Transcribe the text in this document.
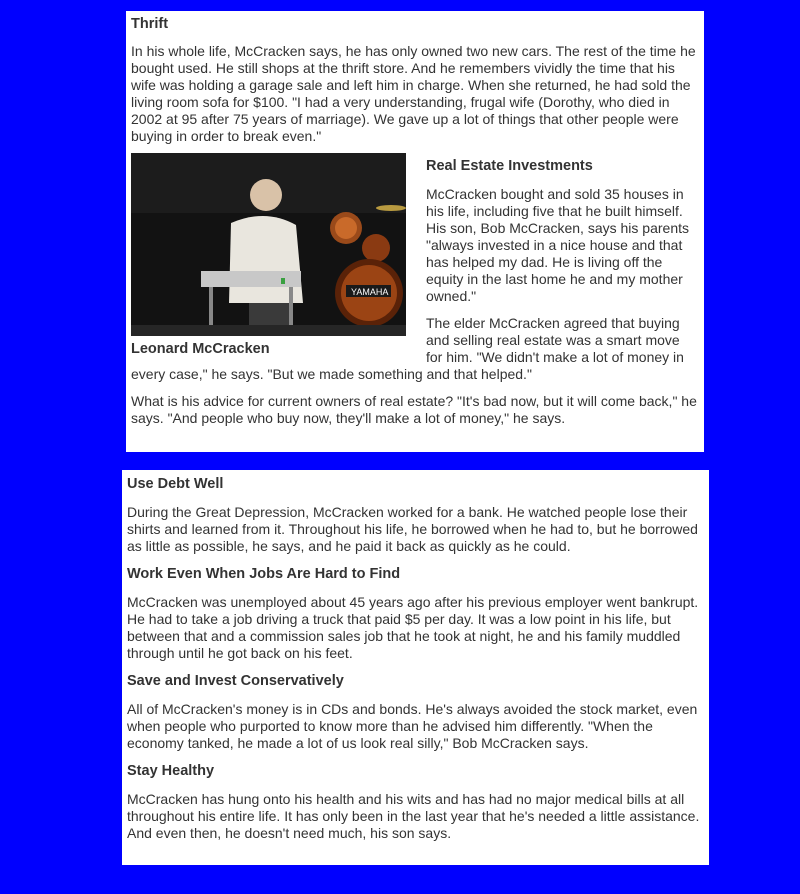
Thrift

In his whole life, McCracken says, he has only owned two new cars. The rest of the time he bought used. He still shops at the thrift store. And he remembers vividly the time that his wife was holding a garage sale and left him in charge. When she returned, he had sold the living room sofa for $100. "I had a very understanding, frugal wife (Dorothy, who died in 2002 at 95 after 75 years of marriage). We gave up a lot of things that other people were buying in order to break even."

YAMAHA
Leonard McCracken
Real Estate Investments

McCracken bought and sold 35 houses in his life, including five that he built himself. His son, Bob McCracken, says his parents "always invested in a nice house and that has helped my dad. He is living off the equity in the last home he and my mother owned."

The elder McCracken agreed that buying and selling real estate was a smart move for him. "We didn't make a lot of money in every case," he says. "But we made something and that helped."

What is his advice for current owners of real estate? "It's bad now, but it will come back," he says. "And people who buy now, they'll make a lot of money," he says.

Use Debt Well

During the Great Depression, McCracken worked for a bank. He watched people lose their shirts and learned from it. Throughout his life, he borrowed when he had to, but he borrowed as little as possible, he says, and he paid it back as quickly as he could.

Work Even When Jobs Are Hard to Find

McCracken was unemployed about 45 years ago after his previous employer went bankrupt. He had to take a job driving a truck that paid $5 per day. It was a low point in his life, but between that and a commission sales job that he took at night, he and his family muddled through until he got back on his feet.

Save and Invest Conservatively

All of McCracken's money is in CDs and bonds. He's always avoided the stock market, even when people who purported to know more than he advised him differently. "When the economy tanked, he made a lot of us look real silly," Bob McCracken says.

Stay Healthy

McCracken has hung onto his health and his wits and has had no major medical bills at all throughout his entire life. It has only been in the last year that he's needed a little assistance. And even then, he doesn't need much, his son says.
